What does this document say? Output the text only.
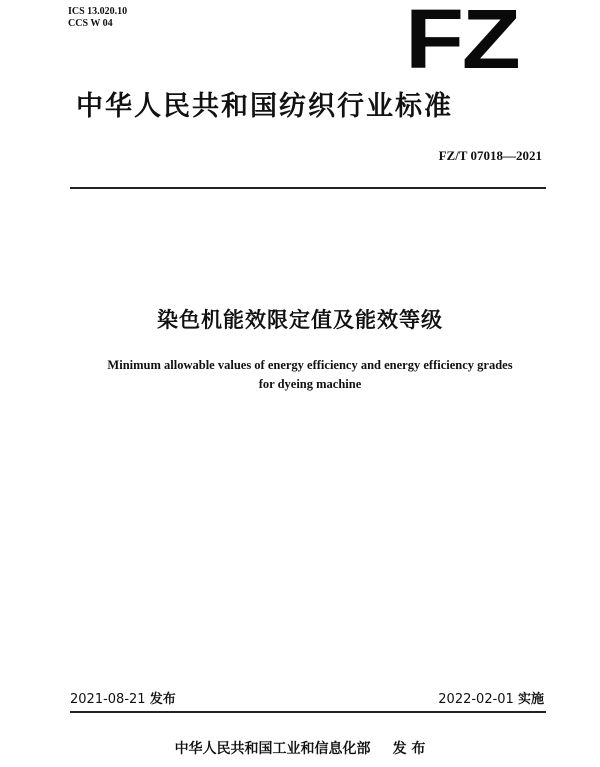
ICS 13.020.10
CCS W 04	FZ
中华人民共和国纺织行业标准
FZ/T 07018—2021
染色机能效限定值及能效等级
Minimum allowable values of energy efficiency and energy efficiency grades
for dyeing machine
2021-08-21 发布	2022-02-01 实施
中华人民共和国工业和信息化部 发 布
